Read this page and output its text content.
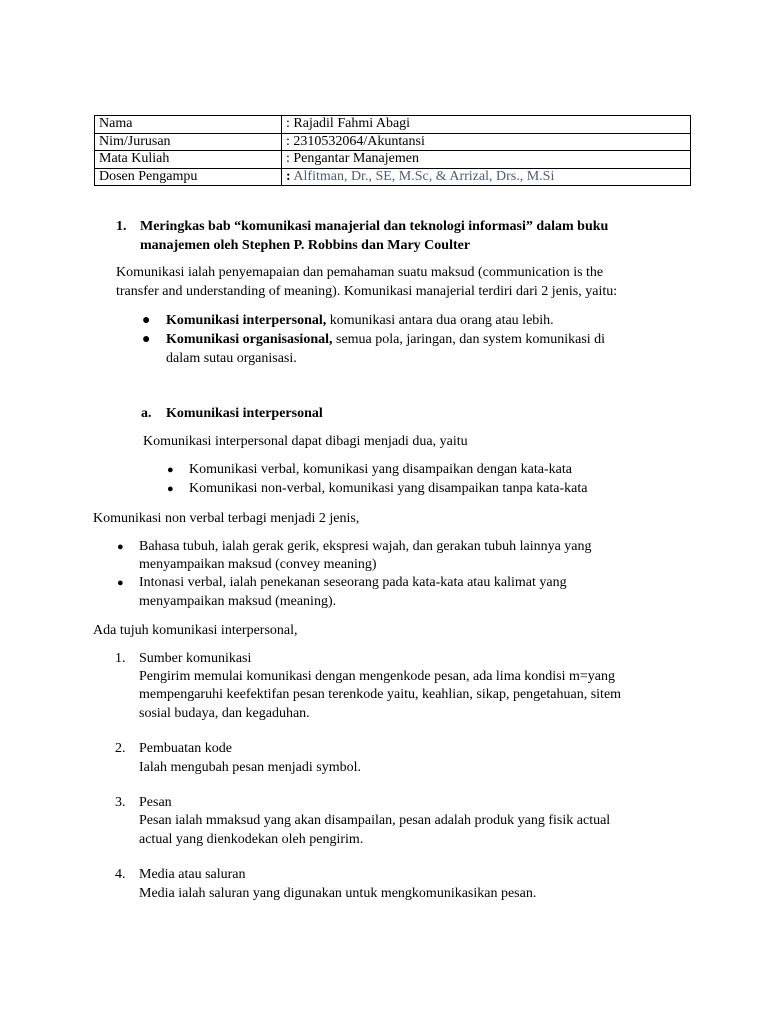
Nama	: Rajadil Fahmi Abagi
Nim/Jurusan	: 2310532064/Akuntansi
Mata Kuliah	: Pengantar Manajemen
Dosen Pengampu	: Alfitman, Dr., SE, M.Sc, & Arrizal, Drs., M.Si
1. Meringkas bab “komunikasi manajerial dan teknologi informasi” dalam buku
manajemen oleh Stephen P. Robbins dan Mary Coulter
Komunikasi ialah penyemapaian dan pemahaman suatu maksud (communication is the
transfer and understanding of meaning). Komunikasi manajerial terdiri dari 2 jenis, yaitu:
● Komunikasi interpersonal, komunikasi antara dua orang atau lebih.
● Komunikasi organisasional, semua pola, jaringan, dan system komunikasi di
dalam sutau organisasi.
a. Komunikasi interpersonal
Komunikasi interpersonal dapat dibagi menjadi dua, yaitu
● Komunikasi verbal, komunikasi yang disampaikan dengan kata-kata
● Komunikasi non-verbal, komunikasi yang disampaikan tanpa kata-kata
Komunikasi non verbal terbagi menjadi 2 jenis,
● Bahasa tubuh, ialah gerak gerik, ekspresi wajah, dan gerakan tubuh lainnya yang
menyampaikan maksud (convey meaning)
● Intonasi verbal, ialah penekanan seseorang pada kata-kata atau kalimat yang
menyampaikan maksud (meaning).
Ada tujuh komunikasi interpersonal,
1. Sumber komunikasi
Pengirim memulai komunikasi dengan mengenkode pesan, ada lima kondisi m=yang
mempengaruhi keefektifan pesan terenkode yaitu, keahlian, sikap, pengetahuan, sitem
sosial budaya, dan kegaduhan.
2. Pembuatan kode
Ialah mengubah pesan menjadi symbol.
3. Pesan
Pesan ialah mmaksud yang akan disampailan, pesan adalah produk yang fisik actual
actual yang dienkodekan oleh pengirim.
4. Media atau saluran
Media ialah saluran yang digunakan untuk mengkomunikasikan pesan.
